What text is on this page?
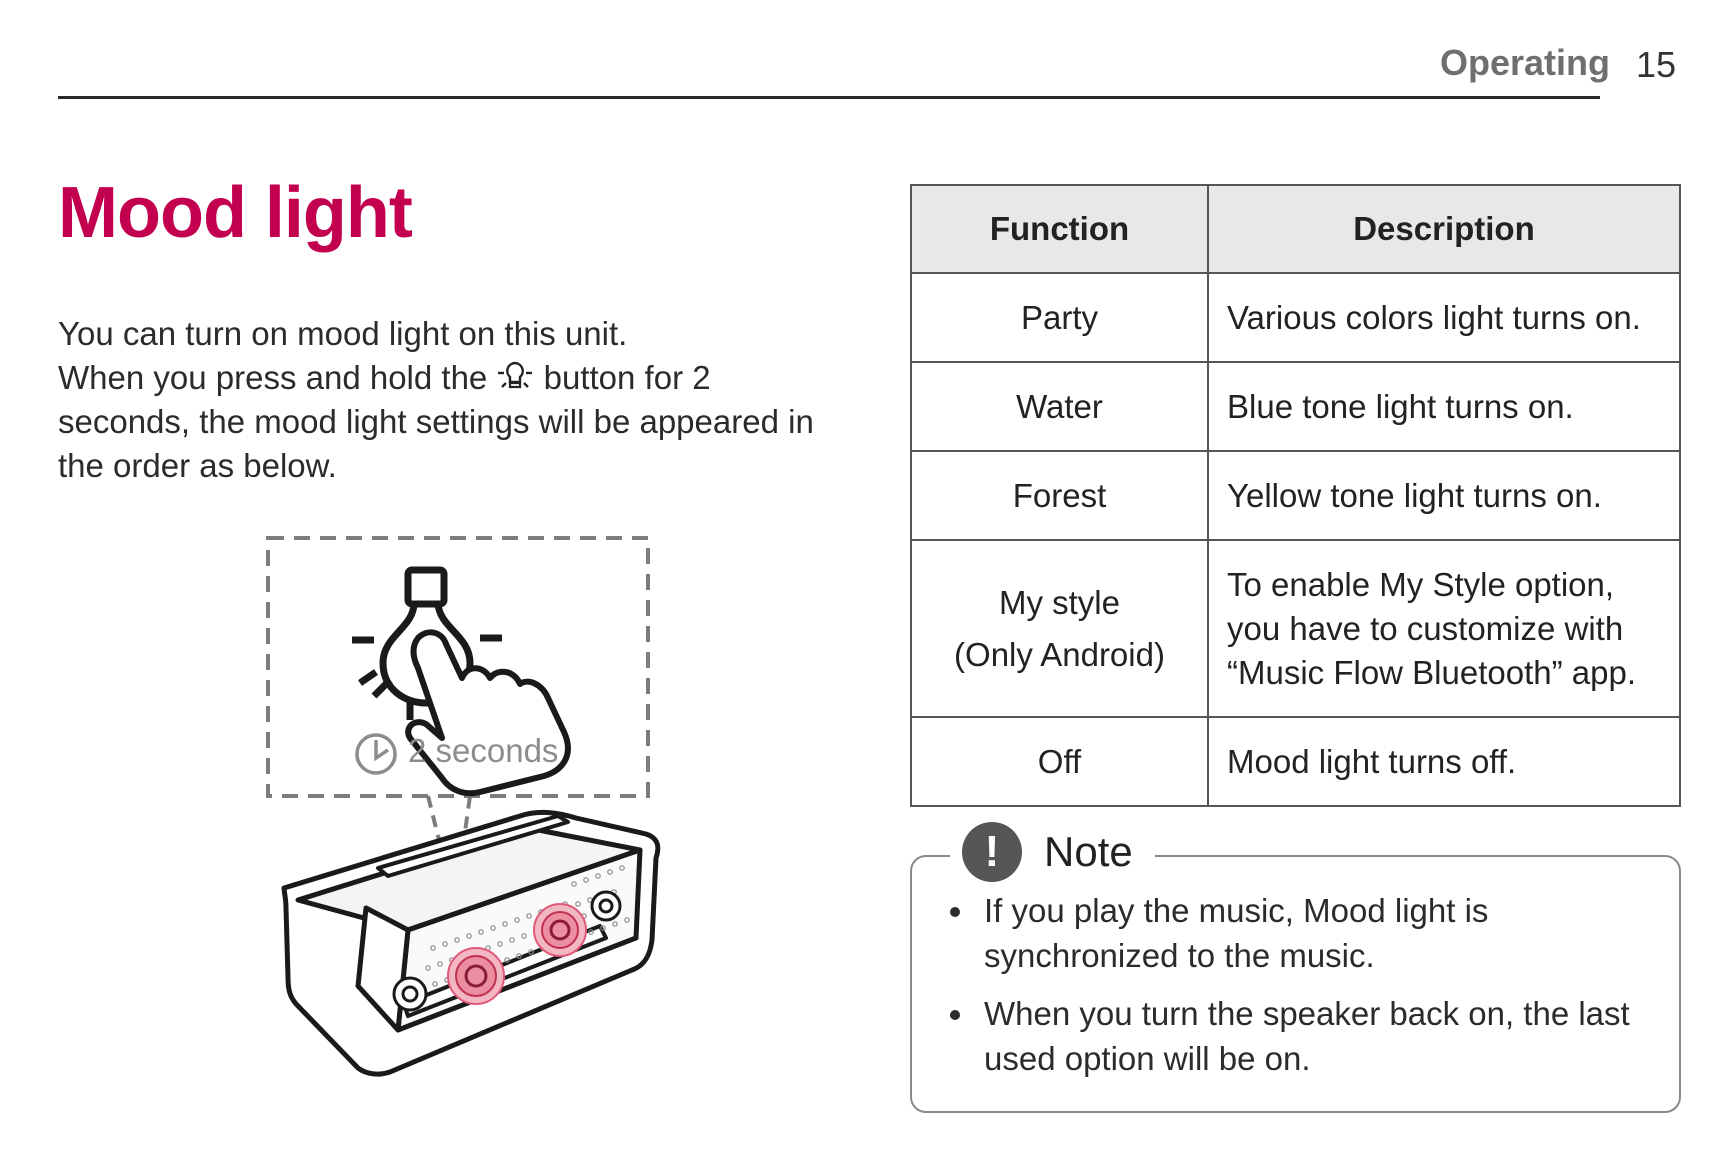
Operating 15
Mood light

You can turn on mood light on this unit.

When you press and hold the button for 2 seconds, the mood light settings will be appeared in the order as below.

2 seconds
Function	Description
Party	Various colors light turns on.
Water	Blue tone light turns on.
Forest	Yellow tone light turns on.

My style
(Only Android)	To enable My Style option, you have to customize with “Music Flow Bluetooth” app.
Off	Mood light turns off.
!	Note
If you play the music, Mood light is synchronized to the music.
When you turn the speaker back on, the last used option will be on.
